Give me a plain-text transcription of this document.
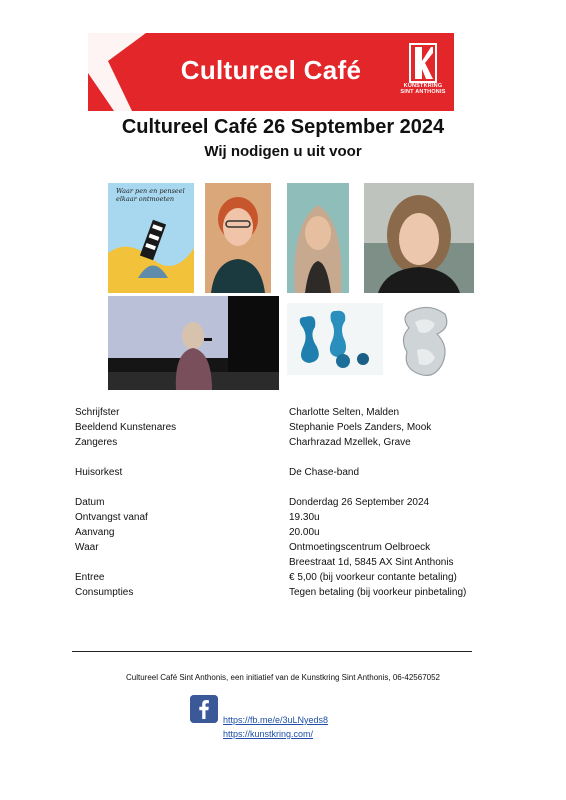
Cultureel Café
KUNSTKRING
SINT ANTHONIS
Cultureel Café 26 September 2024
Wij nodigen u uit voor
Waar pen en penseel elkaar ontmoeten
Schrijfster	Charlotte Selten, Malden
Beeldend Kunstenares	Stephanie Poels Zanders, Mook
Zangeres	Charhrazad Mzellek, Grave
Huisorkest	De Chase-band
Datum	Donderdag 26 September 2024
Ontvangst vanaf	19.30u
Aanvang	20.00u
Waar	Ontmoetingscentrum Oelbroeck
Breestraat 1d, 5845 AX Sint Anthonis
Entree	€ 5,00 (bij voorkeur contante betaling)
Consumpties	Tegen betaling (bij voorkeur pinbetaling)
Cultureel Café Sint Anthonis, een initiatief van de Kunstkring Sint Anthonis, 06-42567052
https://fb.me/e/3uLNyeds8
https://kunstkring.com/
